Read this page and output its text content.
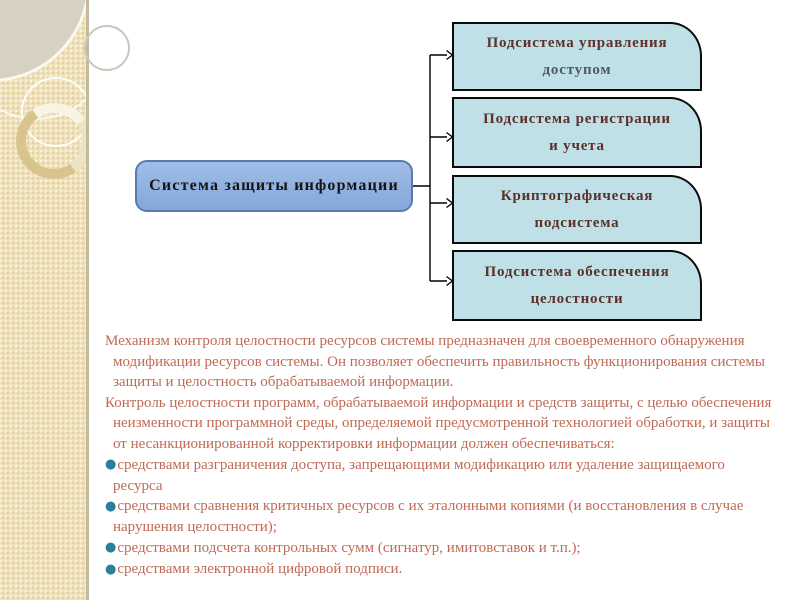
Система защиты информации
Подсистема управления
доступом
Подсистема регистрации
и учета
Криптографическая
подсистема
Подсистема обеспечения
целостности

Механизм контроля целостности ресурсов системы предназначен для своевременного обнаружения модификации ресурсов системы. Он позволяет обеспечить правильность функционирования системы защиты и целостность обрабатываемой информации.

Контроль целостности программ, обрабатываемой информации и средств защиты, с целью обеспечения неизменности программной среды, определяемой предусмотренной технологией обработки, и защиты от несанкционированной корректировки информации должен обеспечиваться:

●средствами разграничения доступа, запрещающими модификацию или удаление защищаемого ресурса

●средствами сравнения критичных ресурсов с их эталонными копиями (и восстановления в случае нарушения целостности);

●средствами подсчета контрольных сумм (сигнатур, имитовставок и т.п.);

●средствами электронной цифровой подписи.
